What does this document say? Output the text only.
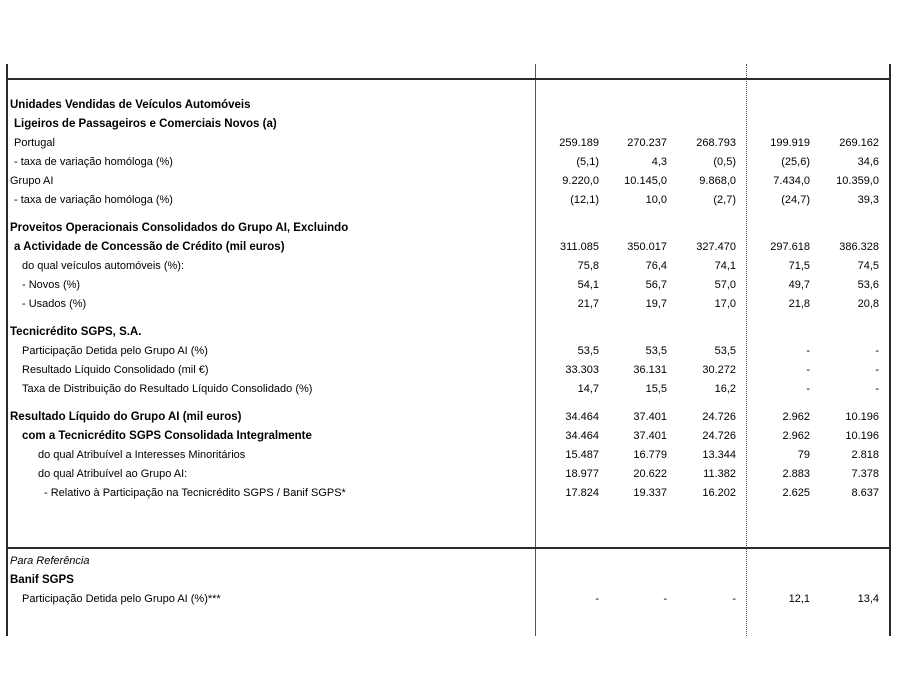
Unidades Vendidas de Veículos Automóveis
Ligeiros de Passageiros e Comerciais Novos (a)
Portugal	259.189	270.237	268.793	199.919	269.162
- taxa de variação homóloga (%)	(5,1)	4,3	(0,5)	(25,6)	34,6
Grupo AI	9.220,0	10.145,0	9.868,0	7.434,0	10.359,0
- taxa de variação homóloga (%)	(12,1)	10,0	(2,7)	(24,7)	39,3
Proveitos Operacionais Consolidados do Grupo AI, Excluindo
a Actividade de Concessão de Crédito (mil euros)	311.085	350.017	327.470	297.618	386.328
do qual veículos automóveis (%):	75,8	76,4	74,1	71,5	74,5
- Novos (%)	54,1	56,7	57,0	49,7	53,6
- Usados (%)	21,7	19,7	17,0	21,8	20,8
Tecnicrédito SGPS, S.A.
Participação Detida pelo Grupo AI (%)	53,5	53,5	53,5	-	-
Resultado Líquido Consolidado (mil €)	33.303	36.131	30.272	-	-
Taxa de Distribuição do Resultado Líquido Consolidado (%)	14,7	15,5	16,2	-	-
Resultado Líquido do Grupo AI (mil euros)	34.464	37.401	24.726	2.962	10.196
com a Tecnicrédito SGPS Consolidada Integralmente	34.464	37.401	24.726	2.962	10.196
do qual Atribuível a Interesses Minoritários	15.487	16.779	13.344	79	2.818
do qual Atribuível ao Grupo AI:	18.977	20.622	11.382	2.883	7.378
- Relativo à Participação na Tecnicrédito SGPS / Banif SGPS*	17.824	19.337	16.202	2.625	8.637
Para Referência
Banif SGPS
Participação Detida pelo Grupo AI (%)***	-	-	-	12,1	13,4
